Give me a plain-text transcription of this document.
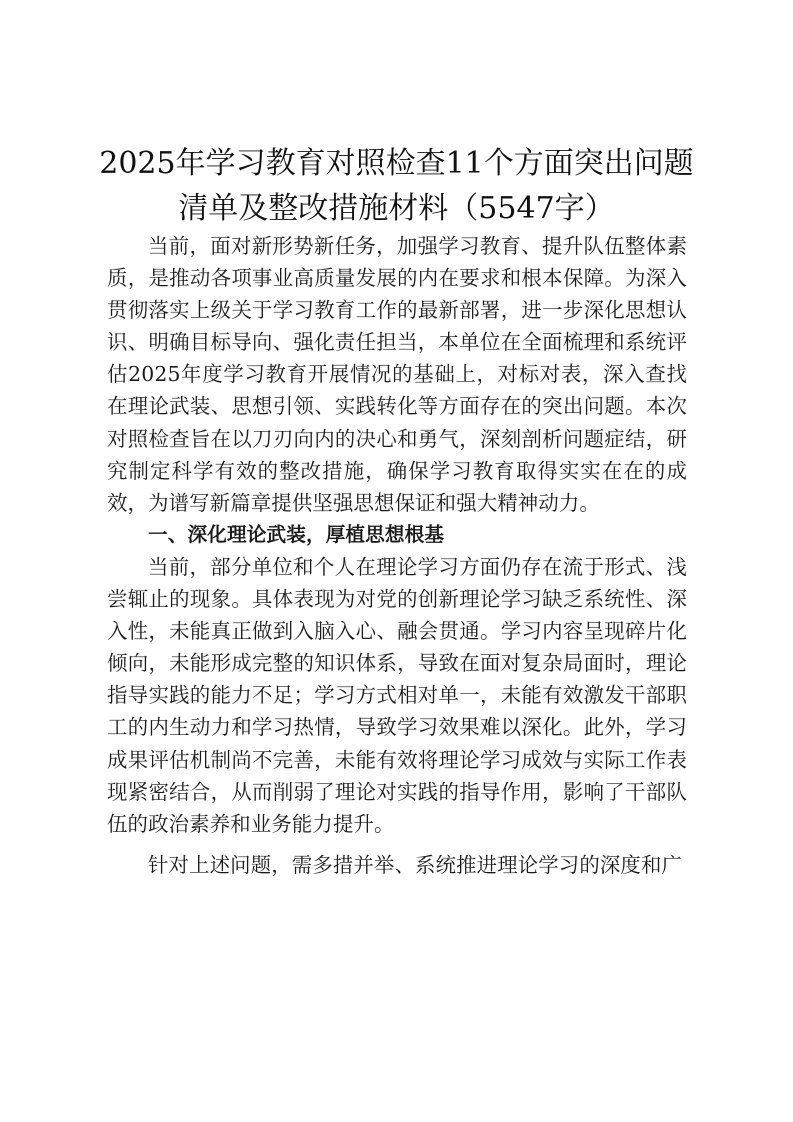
2025年学习教育对照检查11个方面突出问题
清单及整改措施材料（5547字）

当前，面对新形势新任务，加强学习教育、提升队伍整体素质，是推动各项事业高质量发展的内在要求和根本保障。为深入贯彻落实上级关于学习教育工作的最新部署，进一步深化思想认识、明确目标导向、强化责任担当，本单位在全面梳理和系统评估2025年度学习教育开展情况的基础上，对标对表，深入查找在理论武装、思想引领、实践转化等方面存在的突出问题。本次对照检查旨在以刀刃向内的决心和勇气，深刻剖析问题症结，研究制定科学有效的整改措施，确保学习教育取得实实在在的成效，为谱写新篇章提供坚强思想保证和强大精神动力。

一、深化理论武装，厚植思想根基

当前，部分单位和个人在理论学习方面仍存在流于形式、浅尝辄止的现象。具体表现为对党的创新理论学习缺乏系统性、深入性，未能真正做到入脑入心、融会贯通。学习内容呈现碎片化倾向，未能形成完整的知识体系，导致在面对复杂局面时，理论指导实践的能力不足；学习方式相对单一，未能有效激发干部职工的内生动力和学习热情，导致学习效果难以深化。此外，学习成果评估机制尚不完善，未能有效将理论学习成效与实际工作表现紧密结合，从而削弱了理论对实践的指导作用，影响了干部队伍的政治素养和业务能力提升。

针对上述问题，需多措并举、系统推进理论学习的深度和广
